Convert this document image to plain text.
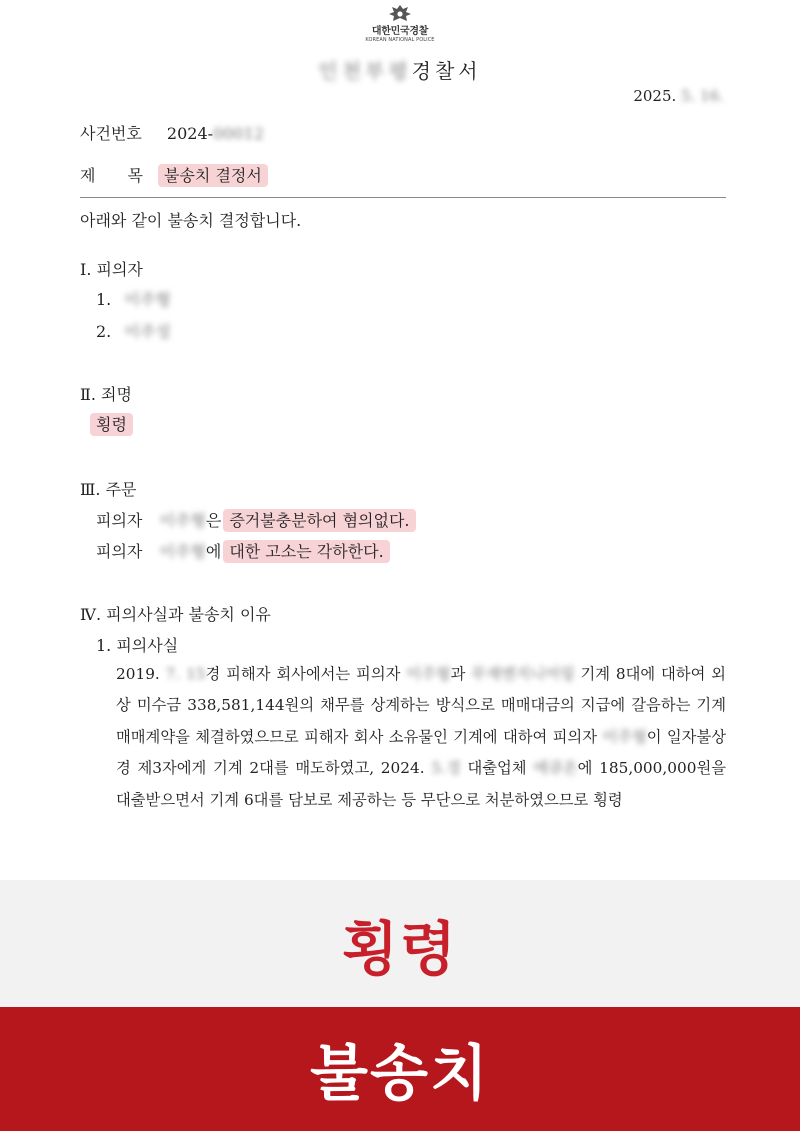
대한민국경찰
KOREAN NATIONAL POLICE
인천부평경찰서
2025. 5. 16.
사건번호 2024-00012
제　　목 불송치 결정서
아래와 같이 불송치 결정합니다.
Ⅰ. 피의자
1. 이주형
2. 이주성
Ⅱ. 죄명
횡령
Ⅲ. 주문
피의자 이주형은 증거불충분하여 혐의없다.
피의자 이주형에 대한 고소는 각하한다.
Ⅳ. 피의사실과 불송치 이유
1. 피의사실
2019. 7. 15경 피해자 회사에서는 피의자 이주형과 무재엔지니어링 기계 8대에 대하여 외상 미수금 338,581,144원의 채무를 상계하는 방식으로 매매대금의 지급에 갈음하는 기계매매계약을 체결하였으므로 피해자 회사 소유물인 기계에 대하여 피의자 이주형이 일자불상경 제3자에게 기계 2대를 매도하였고, 2024. 5.경 대출업체 에큐온에 185,000,000원을 대출받으면서 기계 6대를 담보로 제공하는 등 무단으로 처분하였으므로 횡령
횡령
불송치
